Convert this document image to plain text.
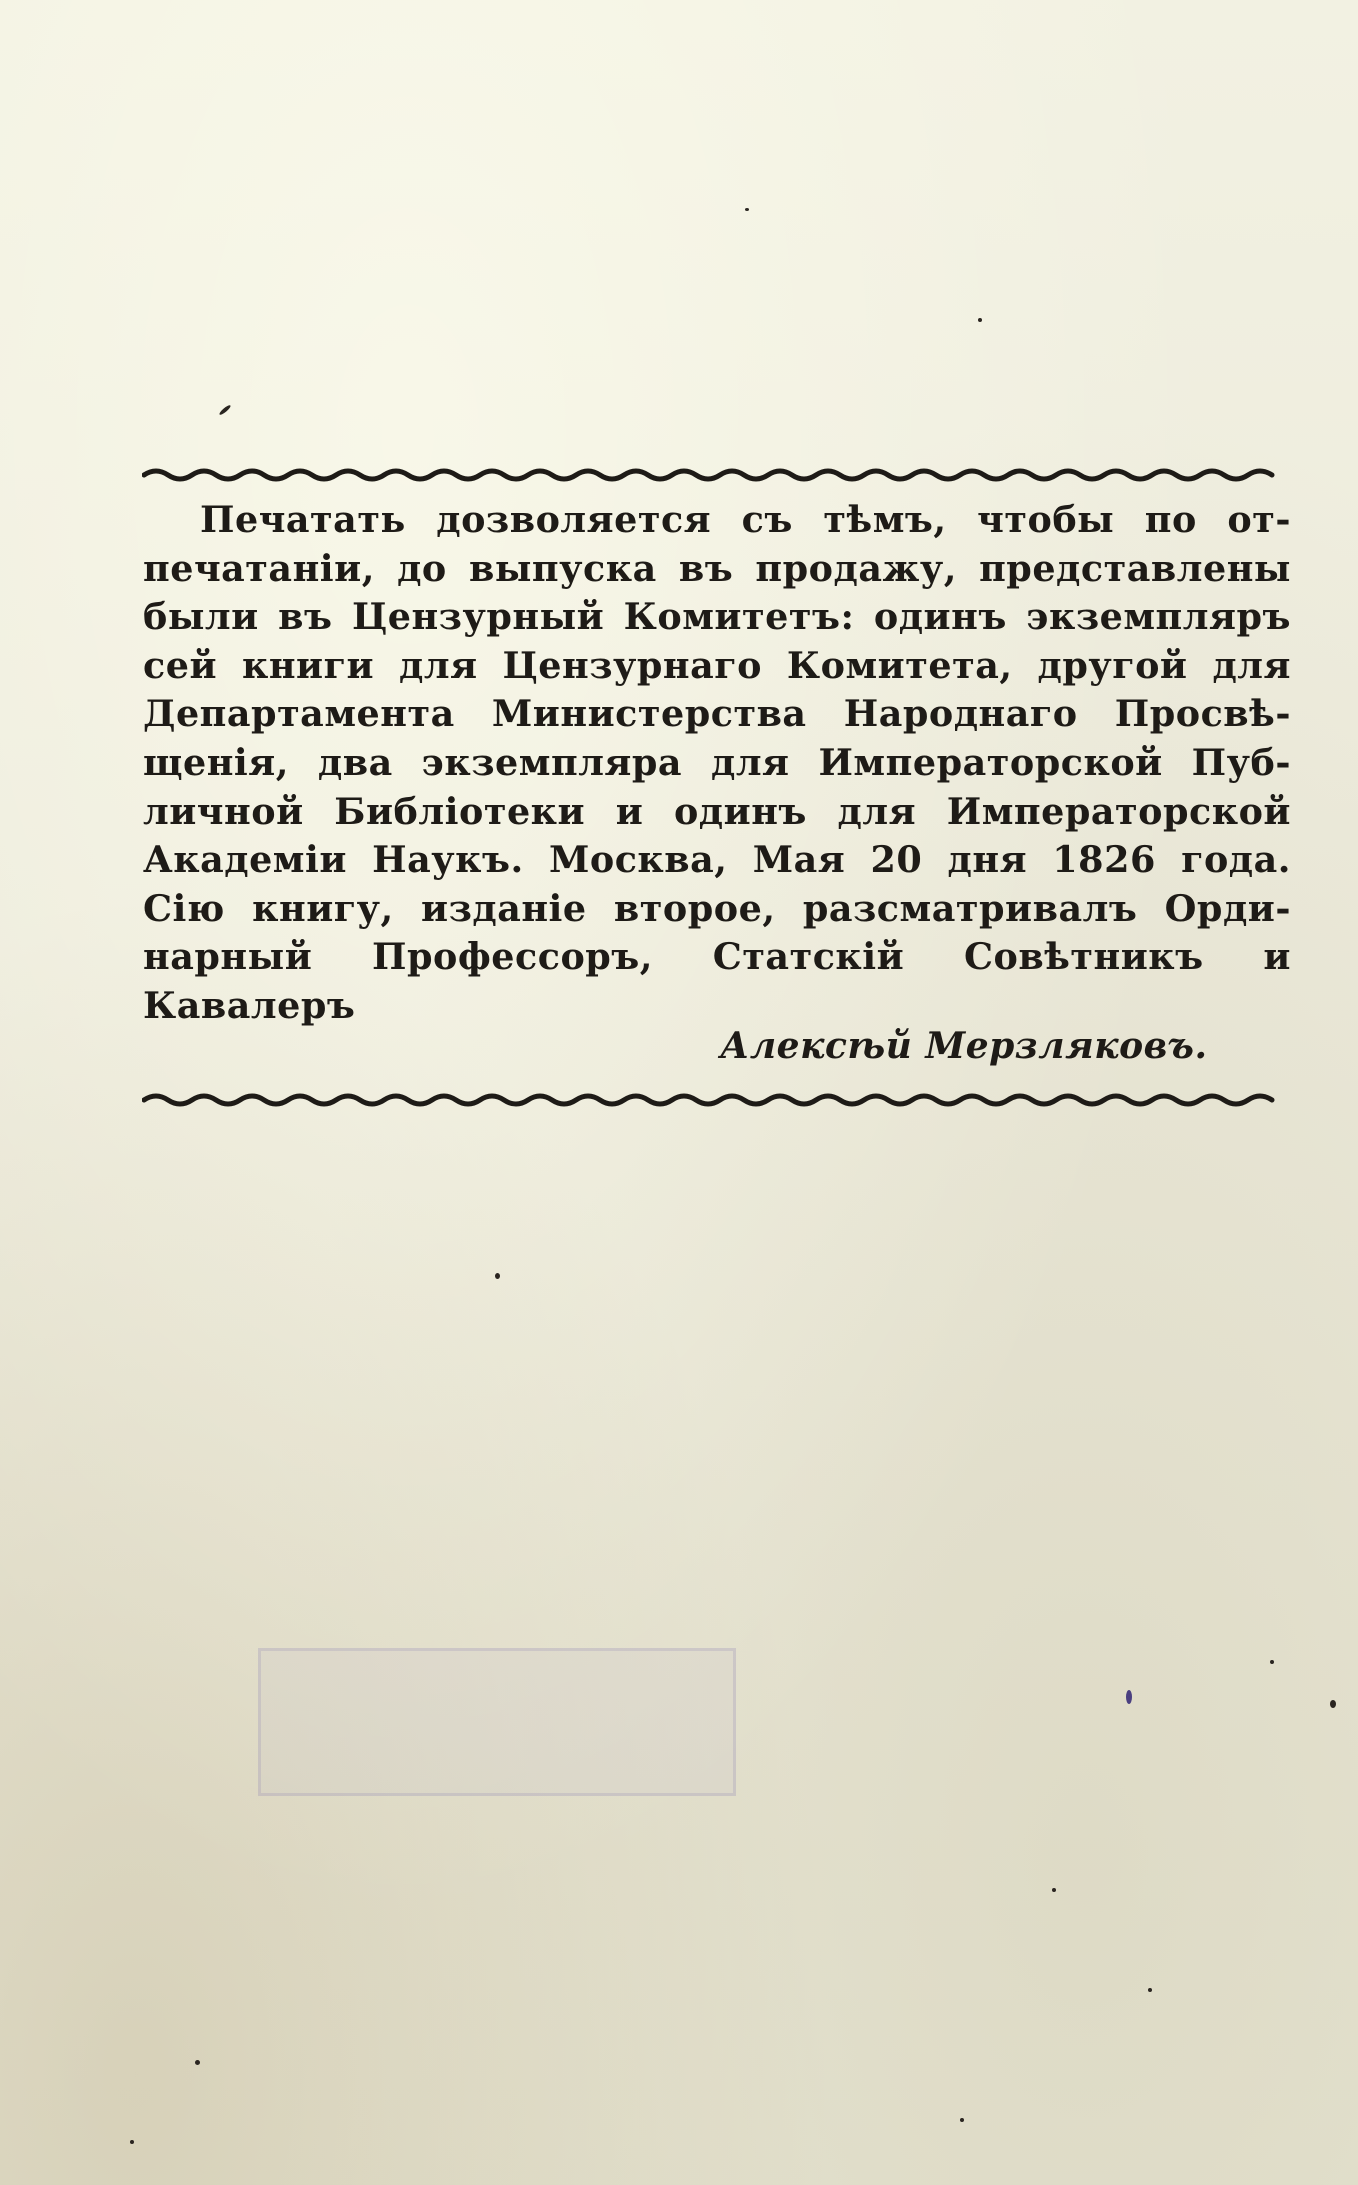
Печатать дозволяется съ тѣмъ, чтобы по от-
печатаніи, до выпуска въ продажу, представлены
были въ Цензурный Комитетъ: одинъ экземпляръ
сей книги для Цензурнаго Комитета, другой для
Департамента Министерства Народнаго Просвѣ-
щенія, два экземпляра для Императорской Пуб-
личной Библіотеки и одинъ для Императорской
Академіи Наукъ. Москва, Мая 20 дня 1826 года.
Сію книгу, изданіе второе, разсматривалъ Орди-
нарный Профессоръ, Статскій Совѣтникъ и
Кавалеръ
Алексѣй Мерзляковъ.
